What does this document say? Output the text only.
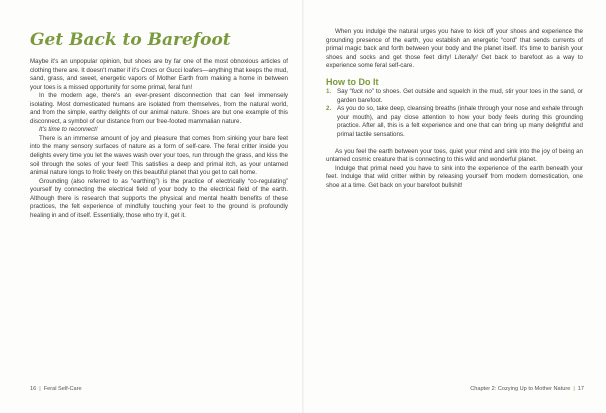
Get Back to Barefoot

Maybe it's an unpopular opinion, but shoes are by far one of the most obnoxious articles of clothing there are. It doesn't matter if it's Crocs or Gucci loafers—anything that keeps the mud, sand, grass, and sweet, energetic vapors of Mother Earth from making a home in between your toes is a missed opportunity for some primal, feral fun!

In the modern age, there's an ever-present disconnection that can feel immensely isolating. Most domesticated humans are isolated from themselves, from the natural world, and from the simple, earthy delights of our animal nature. Shoes are but one example of this disconnect, a symbol of our distance from our free-footed mammalian nature.

It's time to reconnect!

There is an immense amount of joy and pleasure that comes from sinking your bare feet into the many sensory surfaces of nature as a form of self-care. The feral critter inside you delights every time you let the waves wash over your toes, run through the grass, and kiss the soil through the soles of your feet! This satisfies a deep and primal itch, as your untamed animal nature longs to frolic freely on this beautiful planet that you get to call home.

Grounding (also referred to as “earthing”) is the practice of electrically “co-regulating” yourself by connecting the electrical field of your body to the electrical field of the earth. Although there is research that supports the physical and mental health benefits of these practices, the felt experience of mindfully touching your feet to the ground is profoundly healing in and of itself. Essentially, those who try it, get it.

16 | Feral Self-Care

When you indulge the natural urges you have to kick off your shoes and experience the grounding presence of the earth, you establish an energetic “cord” that sends currents of primal magic back and forth between your body and the planet itself. It's time to banish your shoes and socks and get those feet dirty! Literally! Get back to barefoot as a way to experience some feral self-care.

How to Do It
1. Say “fuck no” to shoes. Get outside and squelch in the mud, stir your toes in the sand, or garden barefoot.
2. As you do so, take deep, cleansing breaths (inhale through your nose and exhale through your mouth), and pay close attention to how your body feels during this grounding practice. After all, this is a felt experience and one that can bring up many delightful and primal tactile sensations.

As you feel the earth between your toes, quiet your mind and sink into the joy of being an untamed cosmic creature that is connecting to this wild and wonderful planet.

Indulge that primal need you have to sink into the experience of the earth beneath your feet. Indulge that wild critter within by releasing yourself from modern domestication, one shoe at a time. Get back on your barefoot bullshit!

Chapter 2: Cozying Up to Mother Nature | 17
